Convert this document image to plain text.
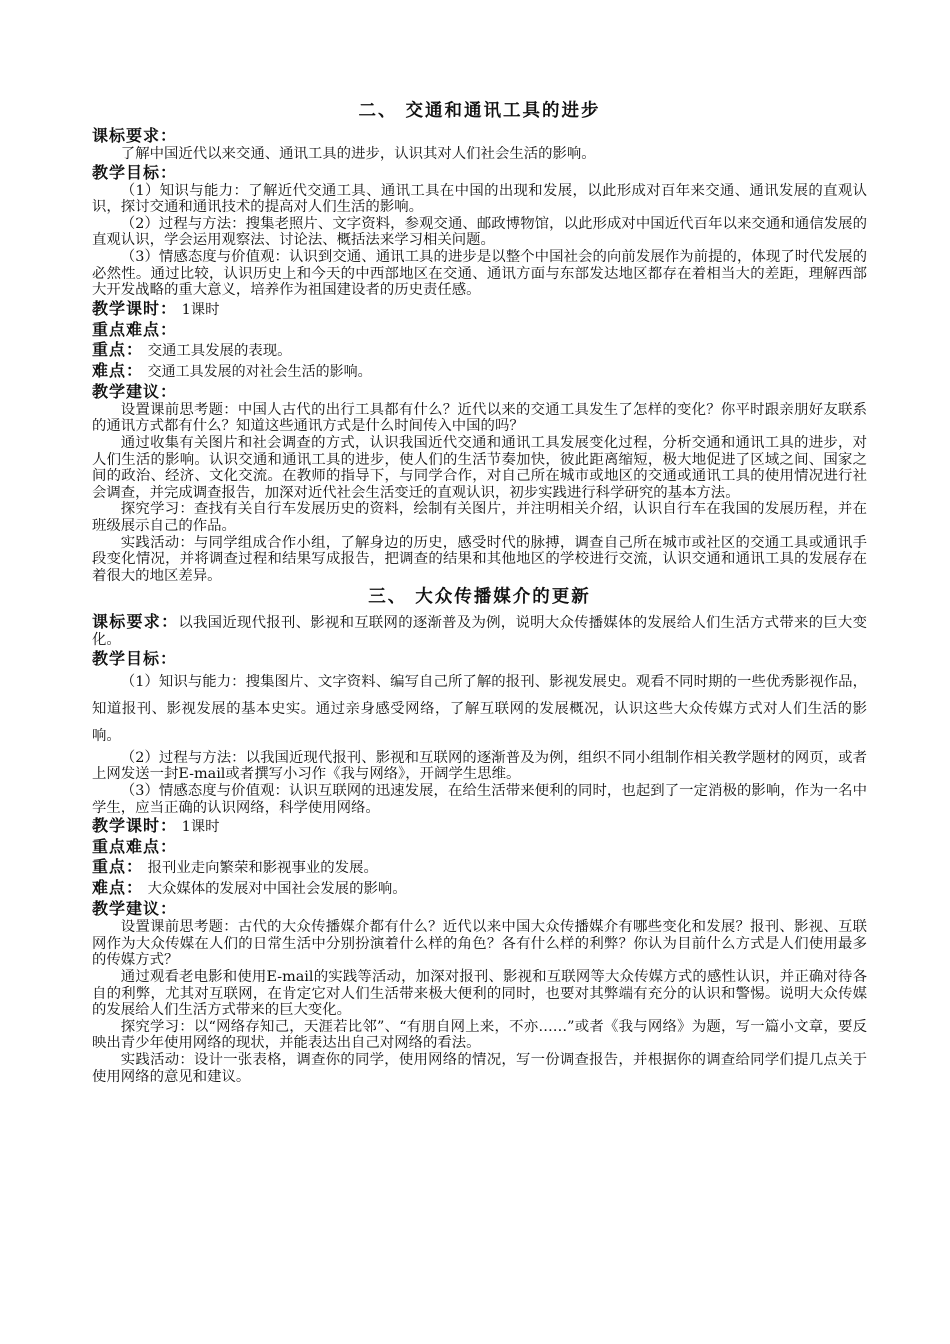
二、 交通和通讯工具的进步
课标要求：

了解中国近代以来交通、通讯工具的进步，认识其对人们社会生活的影响。

教学目标：

（1）知识与能力：了解近代交通工具、通讯工具在中国的出现和发展，以此形成对百年来交通、通讯发展的直观认识，探讨交通和通讯技术的提高对人们生活的影响。

（2）过程与方法：搜集老照片、文字资料，参观交通、邮政博物馆，以此形成对中国近代百年以来交通和通信发展的直观认识，学会运用观察法、讨论法、概括法来学习相关问题。

（3）情感态度与价值观：认识到交通、通讯工具的进步是以整个中国社会的向前发展作为前提的，体现了时代发展的必然性。通过比较，认识历史上和今天的中西部地区在交通、通讯方面与东部发达地区都存在着相当大的差距，理解西部大开发战略的重大意义，培养作为祖国建设者的历史责任感。

教学课时： 1课时
重点难点：
重点： 交通工具发展的表现。
难点： 交通工具发展的对社会生活的影响。
教学建议：

设置课前思考题：中国人古代的出行工具都有什么？近代以来的交通工具发生了怎样的变化？你平时跟亲朋好友联系的通讯方式都有什么？知道这些通讯方式是什么时间传入中国的吗？

通过收集有关图片和社会调查的方式，认识我国近代交通和通讯工具发展变化过程，分析交通和通讯工具的进步，对人们生活的影响。认识交通和通讯工具的进步，使人们的生活节奏加快，彼此距离缩短，极大地促进了区域之间、国家之间的政治、经济、文化交流。在教师的指导下，与同学合作，对自己所在城市或地区的交通或通讯工具的使用情况进行社会调查，并完成调查报告，加深对近代社会生活变迁的直观认识，初步实践进行科学研究的基本方法。

探究学习：查找有关自行车发展历史的资料，绘制有关图片，并注明相关介绍，认识自行车在我国的发展历程，并在班级展示自己的作品。

实践活动：与同学组成合作小组，了解身边的历史，感受时代的脉搏，调查自己所在城市或社区的交通工具或通讯手段变化情况，并将调查过程和结果写成报告，把调查的结果和其他地区的学校进行交流，认识交通和通讯工具的发展存在着很大的地区差异。

三、 大众传播媒介的更新

课标要求：以我国近现代报刊、影视和互联网的逐渐普及为例，说明大众传播媒体的发展给人们生活方式带来的巨大变化。

教学目标：

（1）知识与能力：搜集图片、文字资料、编写自己所了解的报刊、影视发展史。观看不同时期的一些优秀影视作品，知道报刊、影视发展的基本史实。通过亲身感受网络，了解互联网的发展概况，认识这些大众传媒方式对人们生活的影响。

（2）过程与方法：以我国近现代报刊、影视和互联网的逐渐普及为例，组织不同小组制作相关教学题材的网页，或者上网发送一封E-mail或者撰写小习作《我与网络》，开阔学生思维。

（3）情感态度与价值观：认识互联网的迅速发展，在给生活带来便利的同时，也起到了一定消极的影响，作为一名中学生，应当正确的认识网络，科学使用网络。

教学课时： 1课时
重点难点：
重点： 报刊业走向繁荣和影视事业的发展。
难点： 大众媒体的发展对中国社会发展的影响。
教学建议：

设置课前思考题：古代的大众传播媒介都有什么？近代以来中国大众传播媒介有哪些变化和发展？报刊、影视、互联网作为大众传媒在人们的日常生活中分别扮演着什么样的角色？各有什么样的利弊？你认为目前什么方式是人们使用最多的传媒方式？

通过观看老电影和使用E-mail的实践等活动，加深对报刊、影视和互联网等大众传媒方式的感性认识，并正确对待各自的利弊，尤其对互联网，在肯定它对人们生活带来极大便利的同时，也要对其弊端有充分的认识和警惕。说明大众传媒的发展给人们生活方式带来的巨大变化。

探究学习：以“网络存知己，天涯若比邻”、“有朋自网上来，不亦……”或者《我与网络》为题，写一篇小文章，要反映出青少年使用网络的现状，并能表达出自己对网络的看法。

实践活动：设计一张表格，调查你的同学，使用网络的情况，写一份调查报告，并根据你的调查给同学们提几点关于使用网络的意见和建议。
